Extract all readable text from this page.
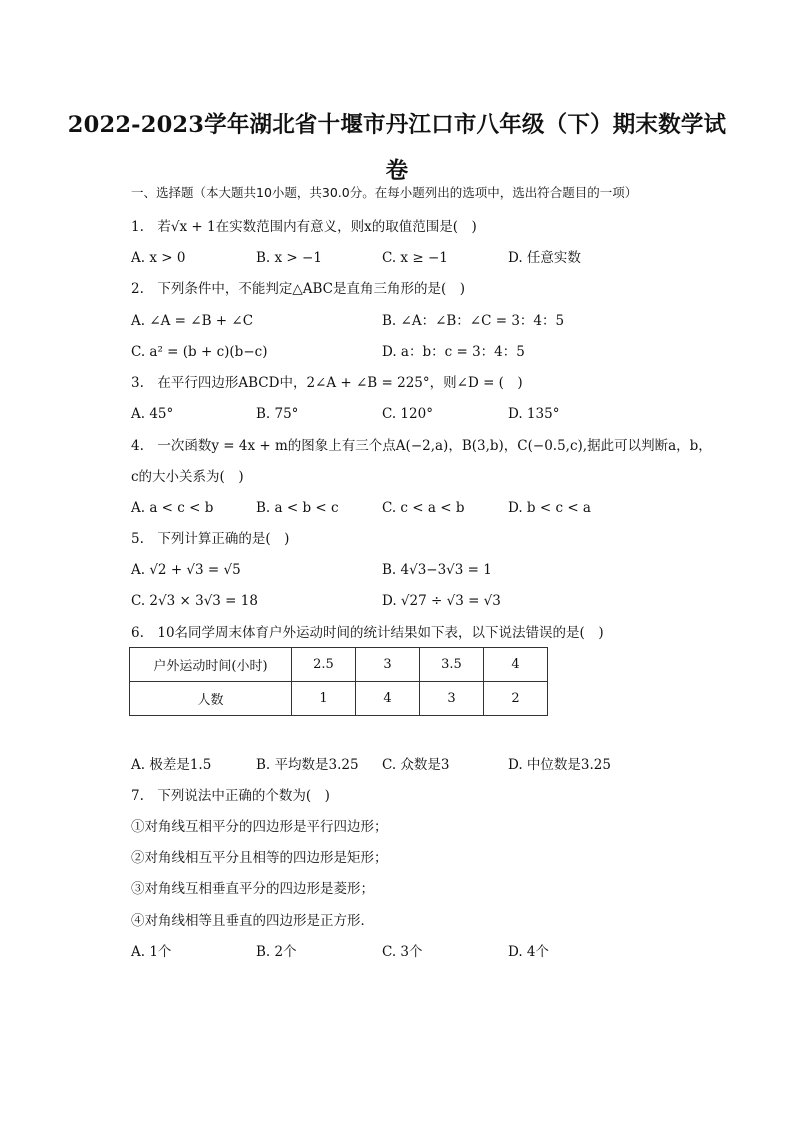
2022-2023学年湖北省十堰市丹江口市八年级（下）期末数学试
卷
一、选择题（本大题共10小题，共30.0分。在每小题列出的选项中，选出符合题目的一项）
1.　若√x + 1在实数范围内有意义，则x的取值范围是(　)
A. x > 0	B. x > −1	C. x ≥ −1	D. 任意实数
2.　下列条件中，不能判定△ABC是直角三角形的是(　)
A. ∠A = ∠B + ∠C	B. ∠A：∠B：∠C = 3：4：5
C. a² = (b + c)(b−c)	D. a：b：c = 3：4：5
3.　在平行四边形ABCD中，2∠A + ∠B = 225°，则∠D = (　)
A. 45°	B. 75°	C. 120°	D. 135°
4.　一次函数y = 4x + m的图象上有三个点A(−2,a)，B(3,b)，C(−0.5,c),据此可以判断a，b，
c的大小关系为(　)
A. a < c < b	B. a < b < c	C. c < a < b	D. b < c < a
5.　下列计算正确的是(　)
A. √2 + √3 = √5	B. 4√3−3√3 = 1
C. 2√3 × 3√3 = 18	D. √27 ÷ √3 = √3
6.　10名同学周末体育户外运动时间的统计结果如下表，以下说法错误的是(　)
户外运动时间(小时)	2.5	3	3.5	4
人数	1	4	3	2
A. 极差是1.5	B. 平均数是3.25 C. 众数是3	D. 中位数是3.25
7.　下列说法中正确的个数为(　)
①对角线互相平分的四边形是平行四边形；
②对角线相互平分且相等的四边形是矩形；
③对角线互相垂直平分的四边形是菱形；
④对角线相等且垂直的四边形是正方形．
A. 1个	B. 2个	C. 3个	D. 4个
